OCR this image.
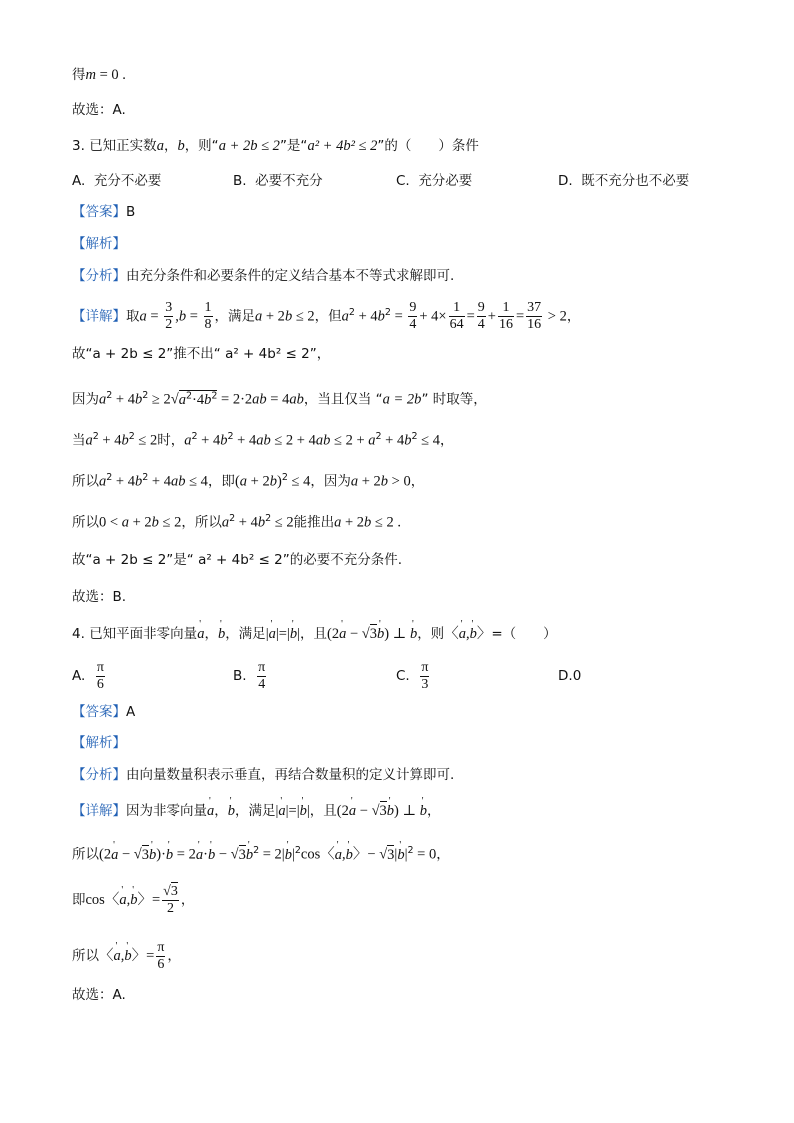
得m = 0 .
故选：A.
3. 已知正实数a，b，则“a + 2b ≤ 2”是“a² + 4b² ≤ 2”的（　　）条件
A. 充分不必要	B. 必要不充分	C. 充分必要	D. 既不充分也不必要
【答案】B
【解析】
【分析】由充分条件和必要条件的定义结合基本不等式求解即可.
【详解】取$a = \frac{3}{2} ,b = \frac{1}{8}$ ，满足a + 2b ≤ 2，但$a^2 + 4b^2 = \frac{9}{4} + 4\times \frac{1}{64} = \frac{9}{4} + \frac{1}{16} = \frac{37}{16} > 2$，
故“a + 2b ≤ 2”推不出“ a² + 4b² ≤ 2”，
因为$a^2 + 4b^2 \ge 2√a^2\cdot 4b^2 = 2\cdot 2ab = 4ab$，当且仅当 “a = 2b” 时取等，
当$a^2 + 4b^2 \le 2$时，$a^2 + 4b^2 + 4ab \le 2 + 4ab \le 2 + a^2 + 4b^2 \le 4$，
所以$a^2 + 4b^2 + 4ab \le 4$，即$(a + 2b)^2 \le 4$，因为a + 2b > 0，
所以0 < a + 2b ≤ 2，所以$a^2 + 4b^2 \le 2$能推出a + 2b ≤ 2 .
故“a + 2b ≤ 2”是“ a² + 4b² ≤ 2”的必要不充分条件.
故选：B.
4. 已知平面非零向量' a，' b，满足|' a|=|' b|，且(2' a − √3' b) ⊥ ' b，则〈' a,' b〉=（　　）
A. $\frac{\pi}{6}$	B. $\frac{\pi}{4}$	C. $\frac{\pi}{3}$	D.0
【答案】A
【解析】
【分析】由向量数量积表示垂直，再结合数量积的定义计算即可.
【详解】因为非零向量' a，' b，满足|' a|=|' b|，且(2' a − √3' b) ⊥ ' b，
所以(2' a − √3' b)·' b = 2' a·' b − √3' $b^2 = 2|'$ $b|^2\cos$〈' a,' b〉− √3|' $b|^2 = 0$，
即cos〈' a,' b〉= $\frac{√3}{2}$ ，
所以〈' a,' b〉= $\frac{\pi}{6}$ ，
故选：A.
